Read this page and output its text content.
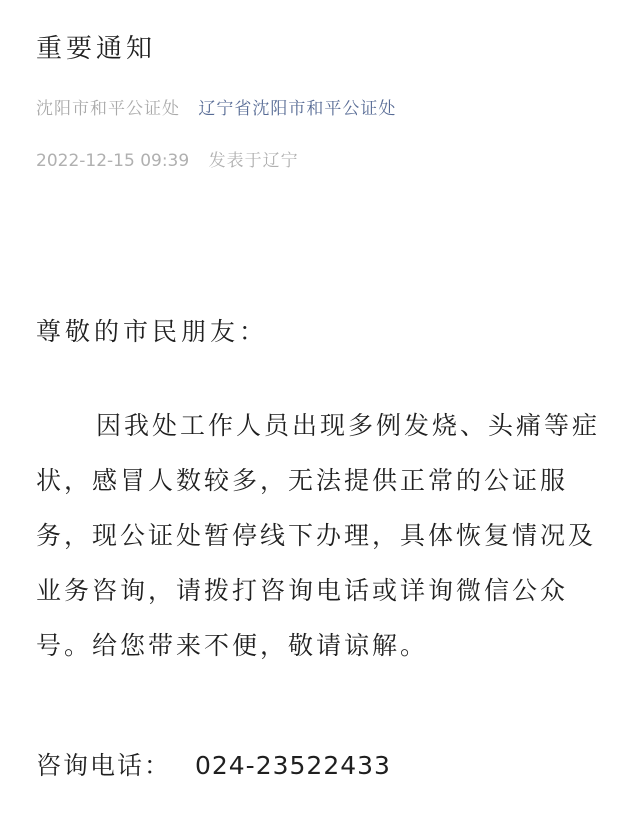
重要通知
沈阳市和平公证处 辽宁省沈阳市和平公证处
2022-12-15 09:39 发表于辽宁
尊敬的市民朋友：
因我处工作人员出现多例发烧、头痛等症状，感冒人数较多，无法提供正常的公证服务，现公证处暂停线下办理，具体恢复情况及业务咨询，请拨打咨询电话或详询微信公众号。给您带来不便，敬请谅解。
咨询电话： 024-23522433
